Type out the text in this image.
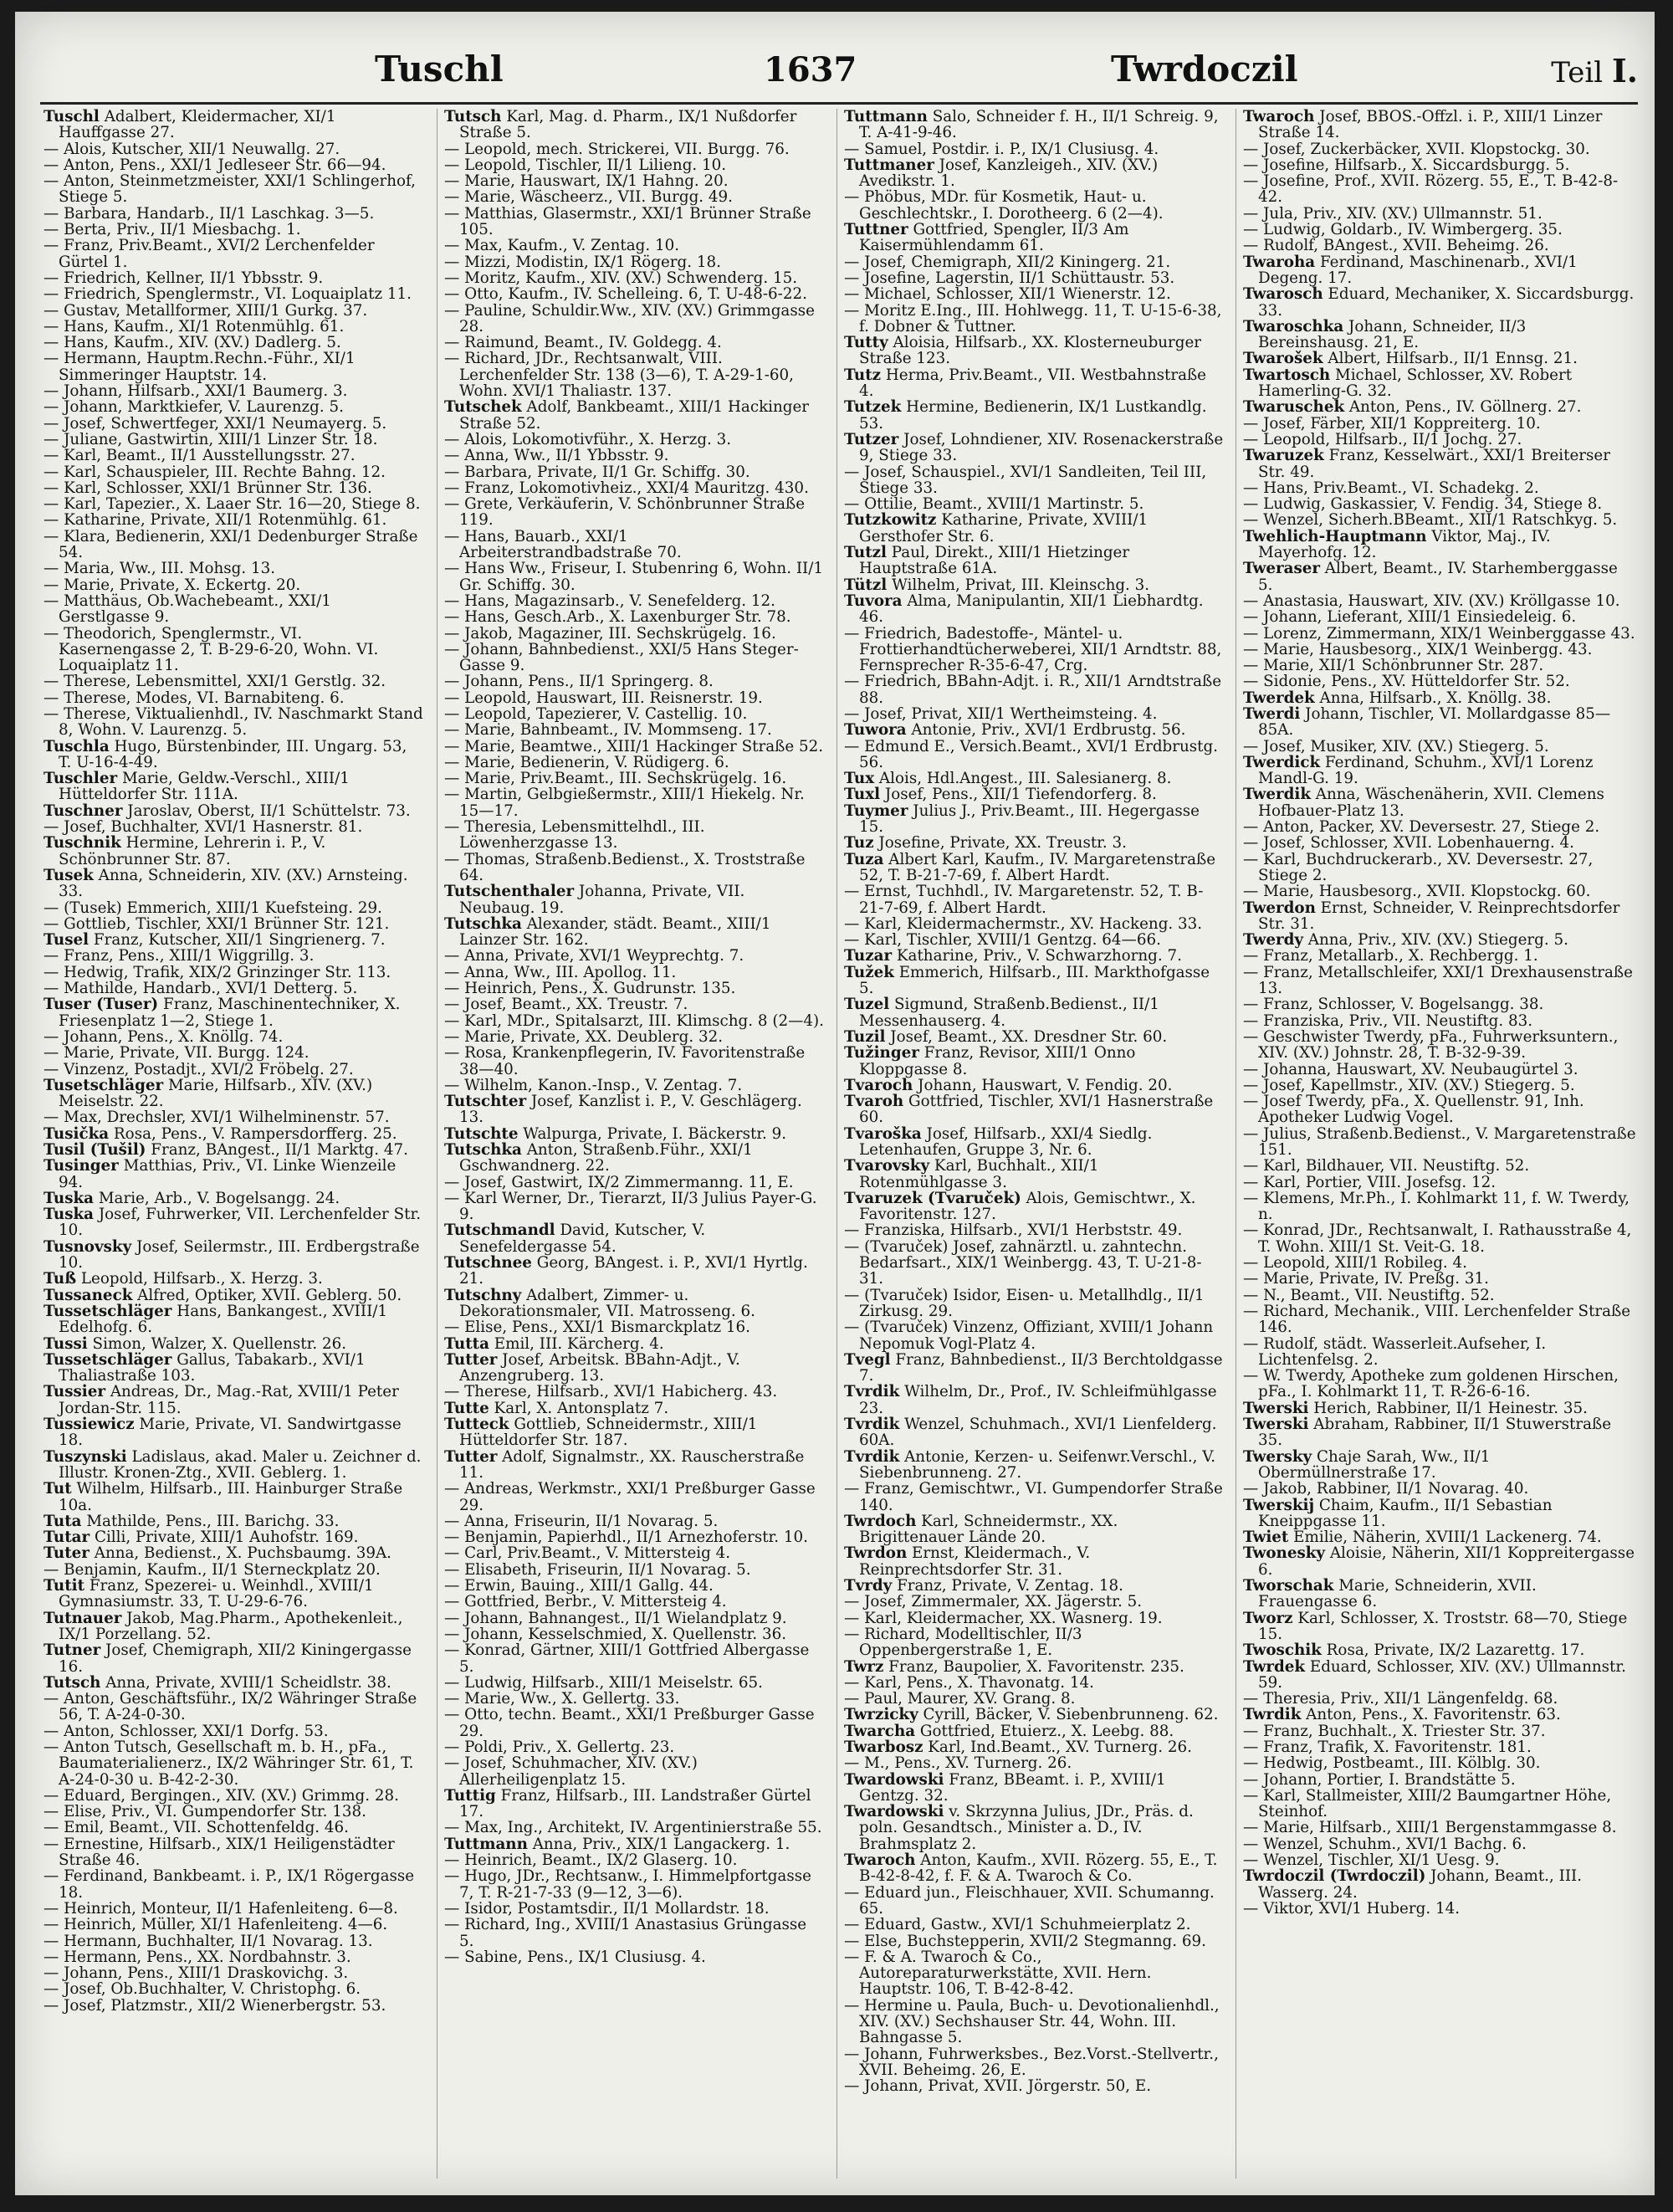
Tuschl	1637	Twrdoczil	Teil I.

Tuschl Adalbert, Kleidermacher, XI/1 Hauffgasse 27.

— Alois, Kutscher, XII/1 Neuwallg. 27.

— Anton, Pens., XXI/1 Jedleseer Str. 66—94.

— Anton, Steinmetzmeister, XXI/1 Schlingerhof, Stiege 5.

— Barbara, Handarb., II/1 Laschkag. 3—5.

— Berta, Priv., II/1 Miesbachg. 1.

— Franz, Priv.Beamt., XVI/2 Lerchenfelder Gürtel 1.

— Friedrich, Kellner, II/1 Ybbsstr. 9.

— Friedrich, Spenglermstr., VI. Loquaiplatz 11.

— Gustav, Metallformer, XIII/1 Gurkg. 37.

— Hans, Kaufm., XI/1 Rotenmühlg. 61.

— Hans, Kaufm., XIV. (XV.) Dadlerg. 5.

— Hermann, Hauptm.Rechn.-Führ., XI/1 Simmeringer Hauptstr. 14.

— Johann, Hilfsarb., XXI/1 Baumerg. 3.

— Johann, Marktkiefer, V. Laurenzg. 5.

— Josef, Schwertfeger, XXI/1 Neumayerg. 5.

— Juliane, Gastwirtin, XIII/1 Linzer Str. 18.

— Karl, Beamt., II/1 Ausstellungsstr. 27.

— Karl, Schauspieler, III. Rechte Bahng. 12.

— Karl, Schlosser, XXI/1 Brünner Str. 136.

— Karl, Tapezier., X. Laaer Str. 16—20, Stiege 8.

— Katharine, Private, XII/1 Rotenmühlg. 61.

— Klara, Bedienerin, XXI/1 Dedenburger Straße 54.

— Maria, Ww., III. Mohsg. 13.

— Marie, Private, X. Eckertg. 20.

— Matthäus, Ob.Wachebeamt., XXI/1 Gerstlgasse 9.

— Theodorich, Spenglermstr., VI. Kasernengasse 2, T. B-29-6-20, Wohn. VI. Loquaiplatz 11.

— Therese, Lebensmittel, XXI/1 Gerstlg. 32.

— Therese, Modes, VI. Barnabiteng. 6.

— Therese, Viktualienhdl., IV. Naschmarkt Stand 8, Wohn. V. Laurenzg. 5.

Tuschla Hugo, Bürstenbinder, III. Ungarg. 53, T. U-16-4-49.

Tuschler Marie, Geldw.-Verschl., XIII/1 Hütteldorfer Str. 111A.

Tuschner Jaroslav, Oberst, II/1 Schüttelstr. 73.

— Josef, Buchhalter, XVI/1 Hasnerstr. 81.

Tuschnik Hermine, Lehrerin i. P., V. Schönbrunner Str. 87.

Tusek Anna, Schneiderin, XIV. (XV.) Arnsteing. 33.

— (Tusek) Emmerich, XIII/1 Kuefsteing. 29.

— Gottlieb, Tischler, XXI/1 Brünner Str. 121.

Tusel Franz, Kutscher, XII/1 Singrienerg. 7.

— Franz, Pens., XIII/1 Wiggrillg. 3.

— Hedwig, Trafik, XIX/2 Grinzinger Str. 113.

— Mathilde, Handarb., XVI/1 Detterg. 5.

Tuser (Tuser) Franz, Maschinentechniker, X. Friesenplatz 1—2, Stiege 1.

— Johann, Pens., X. Knöllg. 74.

— Marie, Private, VII. Burgg. 124.

— Vinzenz, Postadjt., XVI/2 Fröbelg. 27.

Tusetschläger Marie, Hilfsarb., XIV. (XV.) Meiselstr. 22.

— Max, Drechsler, XVI/1 Wilhelminenstr. 57.

Tusička Rosa, Pens., V. Rampersdorfferg. 25.

Tusil (Tušil) Franz, BAngest., II/1 Marktg. 47.

Tusinger Matthias, Priv., VI. Linke Wienzeile 94.

Tuska Marie, Arb., V. Bogelsangg. 24.

Tuska Josef, Fuhrwerker, VII. Lerchenfelder Str. 10.

Tusnovsky Josef, Seilermstr., III. Erdbergstraße 10.

Tuß Leopold, Hilfsarb., X. Herzg. 3.

Tussaneck Alfred, Optiker, XVII. Geblerg. 50.

Tussetschläger Hans, Bankangest., XVIII/1 Edelhofg. 6.

Tussi Simon, Walzer, X. Quellenstr. 26.

Tussetschläger Gallus, Tabakarb., XVI/1 Thaliastraße 103.

Tussier Andreas, Dr., Mag.-Rat, XVIII/1 Peter Jordan-Str. 115.

Tussiewicz Marie, Private, VI. Sandwirtgasse 18.

Tuszynski Ladislaus, akad. Maler u. Zeichner d. Illustr. Kronen-Ztg., XVII. Geblerg. 1.

Tut Wilhelm, Hilfsarb., III. Hainburger Straße 10a.

Tuta Mathilde, Pens., III. Barichg. 33.

Tutar Cilli, Private, XIII/1 Auhofstr. 169.

Tuter Anna, Bedienst., X. Puchsbaumg. 39A.

— Benjamin, Kaufm., II/1 Sterneckplatz 20.

Tutit Franz, Spezerei- u. Weinhdl., XVIII/1 Gymnasiumstr. 33, T. U-29-6-76.

Tutnauer Jakob, Mag.Pharm., Apothekenleit., IX/1 Porzellang. 52.

Tutner Josef, Chemigraph, XII/2 Kiningergasse 16.

Tutsch Anna, Private, XVIII/1 Scheidlstr. 38.

— Anton, Geschäftsführ., IX/2 Währinger Straße 56, T. A-24-0-30.

— Anton, Schlosser, XXI/1 Dorfg. 53.

— Anton Tutsch, Gesellschaft m. b. H., pFa., Baumaterialienerz., IX/2 Währinger Str. 61, T. A-24-0-30 u. B-42-2-30.

— Eduard, Bergingen., XIV. (XV.) Grimmg. 28.

— Elise, Priv., VI. Gumpendorfer Str. 138.

— Emil, Beamt., VII. Schottenfeldg. 46.

— Ernestine, Hilfsarb., XIX/1 Heiligenstädter Straße 46.

— Ferdinand, Bankbeamt. i. P., IX/1 Rögergasse 18.

— Heinrich, Monteur, II/1 Hafenleiteng. 6—8.

— Heinrich, Müller, XI/1 Hafenleiteng. 4—6.

— Hermann, Buchhalter, II/1 Novarag. 13.

— Hermann, Pens., XX. Nordbahnstr. 3.

— Johann, Pens., XIII/1 Draskovichg. 3.

— Josef, Ob.Buchhalter, V. Christophg. 6.

— Josef, Platzmstr., XII/2 Wienerbergstr. 53.

Tutsch Karl, Mag. d. Pharm., IX/1 Nußdorfer Straße 5.

— Leopold, mech. Strickerei, VII. Burgg. 76.

— Leopold, Tischler, II/1 Lilieng. 10.

— Marie, Hauswart, IX/1 Hahng. 20.

— Marie, Wäscheerz., VII. Burgg. 49.

— Matthias, Glasermstr., XXI/1 Brünner Straße 105.

— Max, Kaufm., V. Zentag. 10.

— Mizzi, Modistin, IX/1 Rögerg. 18.

— Moritz, Kaufm., XIV. (XV.) Schwenderg. 15.

— Otto, Kaufm., IV. Schelleing. 6, T. U-48-6-22.

— Pauline, Schuldir.Ww., XIV. (XV.) Grimmgasse 28.

— Raimund, Beamt., IV. Goldegg. 4.

— Richard, JDr., Rechtsanwalt, VIII. Lerchenfelder Str. 138 (3—6), T. A-29-1-60, Wohn. XVI/1 Thaliastr. 137.

Tutschek Adolf, Bankbeamt., XIII/1 Hackinger Straße 52.

— Alois, Lokomotivführ., X. Herzg. 3.

— Anna, Ww., II/1 Ybbsstr. 9.

— Barbara, Private, II/1 Gr. Schiffg. 30.

— Franz, Lokomotivheiz., XXI/4 Mauritzg. 430.

— Grete, Verkäuferin, V. Schönbrunner Straße 119.

— Hans, Bauarb., XXI/1 Arbeiterstrandbadstraße 70.

— Hans Ww., Friseur, I. Stubenring 6, Wohn. II/1 Gr. Schiffg. 30.

— Hans, Magazinsarb., V. Senefelderg. 12.

— Hans, Gesch.Arb., X. Laxenburger Str. 78.

— Jakob, Magaziner, III. Sechskrügelg. 16.

— Johann, Bahnbedienst., XXI/5 Hans Steger-Gasse 9.

— Johann, Pens., II/1 Springerg. 8.

— Leopold, Hauswart, III. Reisnerstr. 19.

— Leopold, Tapezierer, V. Castellig. 10.

— Marie, Bahnbeamt., IV. Mommseng. 17.

— Marie, Beamtwe., XIII/1 Hackinger Straße 52.

— Marie, Bedienerin, V. Rüdigerg. 6.

— Marie, Priv.Beamt., III. Sechskrügelg. 16.

— Martin, Gelbgießermstr., XIII/1 Hiekelg. Nr. 15—17.

— Theresia, Lebensmittelhdl., III. Löwenherzgasse 13.

— Thomas, Straßenb.Bedienst., X. Troststraße 64.

Tutschenthaler Johanna, Private, VII. Neubaug. 19.

Tutschka Alexander, städt. Beamt., XIII/1 Lainzer Str. 162.

— Anna, Private, XVI/1 Weyprechtg. 7.

— Anna, Ww., III. Apollog. 11.

— Heinrich, Pens., X. Gudrunstr. 135.

— Josef, Beamt., XX. Treustr. 7.

— Karl, MDr., Spitalsarzt, III. Klimschg. 8 (2—4).

— Marie, Private, XX. Deublerg. 32.

— Rosa, Krankenpflegerin, IV. Favoritenstraße 38—40.

— Wilhelm, Kanon.-Insp., V. Zentag. 7.

Tutschter Josef, Kanzlist i. P., V. Geschlägerg. 13.

Tutschte Walpurga, Private, I. Bäckerstr. 9.

Tutschka Anton, Straßenb.Führ., XXI/1 Gschwandnerg. 22.

— Josef, Gastwirt, IX/2 Zimmermanng. 11, E.

— Karl Werner, Dr., Tierarzt, II/3 Julius Payer-G. 9.

Tutschmandl David, Kutscher, V. Senefeldergasse 54.

Tutschnee Georg, BAngest. i. P., XVI/1 Hyrtlg. 21.

Tutschny Adalbert, Zimmer- u. Dekorationsmaler, VII. Matrosseng. 6.

— Elise, Pens., XXI/1 Bismarckplatz 16.

Tutta Emil, III. Kärcherg. 4.

Tutter Josef, Arbeitsk. BBahn-Adjt., V. Anzengruberg. 13.

— Therese, Hilfsarb., XVI/1 Habicherg. 43.

Tutte Karl, X. Antonsplatz 7.

Tutteck Gottlieb, Schneidermstr., XIII/1 Hütteldorfer Str. 187.

Tutter Adolf, Signalmstr., XX. Rauscherstraße 11.

— Andreas, Werkmstr., XXI/1 Preßburger Gasse 29.

— Anna, Friseurin, II/1 Novarag. 5.

— Benjamin, Papierhdl., II/1 Arnezhoferstr. 10.

— Carl, Priv.Beamt., V. Mittersteig 4.

— Elisabeth, Friseurin, II/1 Novarag. 5.

— Erwin, Bauing., XIII/1 Gallg. 44.

— Gottfried, Berbr., V. Mittersteig 4.

— Johann, Bahnangest., II/1 Wielandplatz 9.

— Johann, Kesselschmied, X. Quellenstr. 36.

— Konrad, Gärtner, XIII/1 Gottfried Albergasse 5.

— Ludwig, Hilfsarb., XIII/1 Meiselstr. 65.

— Marie, Ww., X. Gellertg. 33.

— Otto, techn. Beamt., XXI/1 Preßburger Gasse 29.

— Poldi, Priv., X. Gellertg. 23.

— Josef, Schuhmacher, XIV. (XV.) Allerheiligenplatz 15.

Tuttig Franz, Hilfsarb., III. Landstraßer Gürtel 17.

— Max, Ing., Architekt, IV. Argentinierstraße 55.

Tuttmann Anna, Priv., XIX/1 Langackerg. 1.

— Heinrich, Beamt., IX/2 Glaserg. 10.

— Hugo, JDr., Rechtsanw., I. Himmelpfortgasse 7, T. R-21-7-33 (9—12, 3—6).

— Isidor, Postamtsdir., II/1 Mollardstr. 18.

— Richard, Ing., XVIII/1 Anastasius Grüngasse 5.

— Sabine, Pens., IX/1 Clusiusg. 4.

Tuttmann Salo, Schneider f. H., II/1 Schreig. 9, T. A-41-9-46.

— Samuel, Postdir. i. P., IX/1 Clusiusg. 4.

Tuttmaner Josef, Kanzleigeh., XIV. (XV.) Avedikstr. 1.

— Phöbus, MDr. für Kosmetik, Haut- u. Geschlechtskr., I. Dorotheerg. 6 (2—4).

Tuttner Gottfried, Spengler, II/3 Am Kaisermühlendamm 61.

— Josef, Chemigraph, XII/2 Kiningerg. 21.

— Josefine, Lagerstin, II/1 Schüttaustr. 53.

— Michael, Schlosser, XII/1 Wienerstr. 12.

— Moritz E.Ing., III. Hohlwegg. 11, T. U-15-6-38, f. Dobner & Tuttner.

Tutty Aloisia, Hilfsarb., XX. Klosterneuburger Straße 123.

Tutz Herma, Priv.Beamt., VII. Westbahnstraße 4.

Tutzek Hermine, Bedienerin, IX/1 Lustkandlg. 53.

Tutzer Josef, Lohndiener, XIV. Rosenackerstraße 9, Stiege 33.

— Josef, Schauspiel., XVI/1 Sandleiten, Teil III, Stiege 33.

— Ottilie, Beamt., XVIII/1 Martinstr. 5.

Tutzkowitz Katharine, Private, XVIII/1 Gersthofer Str. 6.

Tutzl Paul, Direkt., XIII/1 Hietzinger Hauptstraße 61A.

Tützl Wilhelm, Privat, III. Kleinschg. 3.

Tuvora Alma, Manipulantin, XII/1 Liebhardtg. 46.

— Friedrich, Badestoffe-, Mäntel- u. Frottierhandtücherweberei, XII/1 Arndtstr. 88, Fernsprecher R-35-6-47, Crg.

— Friedrich, BBahn-Adjt. i. R., XII/1 Arndtstraße 88.

— Josef, Privat, XII/1 Wertheimsteing. 4.

Tuwora Antonie, Priv., XVI/1 Erdbrustg. 56.

— Edmund E., Versich.Beamt., XVI/1 Erdbrustg. 56.

Tux Alois, Hdl.Angest., III. Salesianerg. 8.

Tuxl Josef, Pens., XII/1 Tiefendorferg. 8.

Tuymer Julius J., Priv.Beamt., III. Hegergasse 15.

Tuz Josefine, Private, XX. Treustr. 3.

Tuza Albert Karl, Kaufm., IV. Margaretenstraße 52, T. B-21-7-69, f. Albert Hardt.

— Ernst, Tuchhdl., IV. Margaretenstr. 52, T. B-21-7-69, f. Albert Hardt.

— Karl, Kleidermachermstr., XV. Hackeng. 33.

— Karl, Tischler, XVIII/1 Gentzg. 64—66.

Tuzar Katharine, Priv., V. Schwarzhorng. 7.

Tužek Emmerich, Hilfsarb., III. Markthofgasse 5.

Tuzel Sigmund, Straßenb.Bedienst., II/1 Messenhauserg. 4.

Tuzil Josef, Beamt., XX. Dresdner Str. 60.

Tužinger Franz, Revisor, XIII/1 Onno Kloppgasse 8.

Tvaroch Johann, Hauswart, V. Fendig. 20.

Tvaroh Gottfried, Tischler, XVI/1 Hasnerstraße 60.

Tvaroška Josef, Hilfsarb., XXI/4 Siedlg. Letenhaufen, Gruppe 3, Nr. 6.

Tvarovsky Karl, Buchhalt., XII/1 Rotenmühlgasse 3.

Tvaruzek (Tvaruček) Alois, Gemischtwr., X. Favoritenstr. 127.

— Franziska, Hilfsarb., XVI/1 Herbststr. 49.

— (Tvaruček) Josef, zahnärztl. u. zahntechn. Bedarfsart., XIX/1 Weinbergg. 43, T. U-21-8-31.

— (Tvaruček) Isidor, Eisen- u. Metallhdlg., II/1 Zirkusg. 29.

— (Tvaruček) Vinzenz, Offiziant, XVIII/1 Johann Nepomuk Vogl-Platz 4.

Tvegl Franz, Bahnbedienst., II/3 Berchtoldgasse 7.

Tvrdik Wilhelm, Dr., Prof., IV. Schleifmühlgasse 23.

Tvrdik Wenzel, Schuhmach., XVI/1 Lienfelderg. 60A.

Tvrdik Antonie, Kerzen- u. Seifenwr.Verschl., V. Siebenbrunneng. 27.

— Franz, Gemischtwr., VI. Gumpendorfer Straße 140.

Twrdoch Karl, Schneidermstr., XX. Brigittenauer Lände 20.

Twrdon Ernst, Kleidermach., V. Reinprechtsdorfer Str. 31.

Tvrdy Franz, Private, V. Zentag. 18.

— Josef, Zimmermaler, XX. Jägerstr. 5.

— Karl, Kleidermacher, XX. Wasnerg. 19.

— Richard, Modelltischler, II/3 Oppenbergerstraße 1, E.

Twrz Franz, Baupolier, X. Favoritenstr. 235.

— Karl, Pens., X. Thavonatg. 14.

— Paul, Maurer, XV. Grang. 8.

Twrzicky Cyrill, Bäcker, V. Siebenbrunneng. 62.

Twarcha Gottfried, Etuierz., X. Leebg. 88.

Twarbosz Karl, Ind.Beamt., XV. Turnerg. 26.

— M., Pens., XV. Turnerg. 26.

Twardowski Franz, BBeamt. i. P., XVIII/1 Gentzg. 32.

Twardowski v. Skrzynna Julius, JDr., Präs. d. poln. Gesandtsch., Minister a. D., IV. Brahmsplatz 2.

Twaroch Anton, Kaufm., XVII. Rözerg. 55, E., T. B-42-8-42, f. F. & A. Twaroch & Co.

— Eduard jun., Fleischhauer, XVII. Schumanng. 65.

— Eduard, Gastw., XVI/1 Schuhmeierplatz 2.

— Else, Buchstepperin, XVII/2 Stegmanng. 69.

— F. & A. Twaroch & Co., Autoreparaturwerkstätte, XVII. Hern. Hauptstr. 106, T. B-42-8-42.

— Hermine u. Paula, Buch- u. Devotionalienhdl., XIV. (XV.) Sechshauser Str. 44, Wohn. III. Bahngasse 5.

— Johann, Fuhrwerksbes., Bez.Vorst.-Stellvertr., XVII. Beheimg. 26, E.

— Johann, Privat, XVII. Jörgerstr. 50, E.

Twaroch Josef, BBOS.-Offzl. i. P., XIII/1 Linzer Straße 14.

— Josef, Zuckerbäcker, XVII. Klopstockg. 30.

— Josefine, Hilfsarb., X. Siccardsburgg. 5.

— Josefine, Prof., XVII. Rözerg. 55, E., T. B-42-8-42.

— Jula, Priv., XIV. (XV.) Ullmannstr. 51.

— Ludwig, Goldarb., IV. Wimbergerg. 35.

— Rudolf, BAngest., XVII. Beheimg. 26.

Twaroha Ferdinand, Maschinenarb., XVI/1 Degeng. 17.

Twarosch Eduard, Mechaniker, X. Siccardsburgg. 33.

Twaroschka Johann, Schneider, II/3 Bereinshausg. 21, E.

Twarošek Albert, Hilfsarb., II/1 Ennsg. 21.

Twartosch Michael, Schlosser, XV. Robert Hamerling-G. 32.

Twaruschek Anton, Pens., IV. Göllnerg. 27.

— Josef, Färber, XII/1 Koppreiterg. 10.

— Leopold, Hilfsarb., II/1 Jochg. 27.

Twaruzek Franz, Kesselwärt., XXI/1 Breiterser Str. 49.

— Hans, Priv.Beamt., VI. Schadekg. 2.

— Ludwig, Gaskassier, V. Fendig. 34, Stiege 8.

— Wenzel, Sicherh.BBeamt., XII/1 Ratschkyg. 5.

Twehlich-Hauptmann Viktor, Maj., IV. Mayerhofg. 12.

Tweraser Albert, Beamt., IV. Starhemberggasse 5.

— Anastasia, Hauswart, XIV. (XV.) Kröllgasse 10.

— Johann, Lieferant, XIII/1 Einsiedeleig. 6.

— Lorenz, Zimmermann, XIX/1 Weinberggasse 43.

— Marie, Hausbesorg., XIX/1 Weinbergg. 43.

— Marie, XII/1 Schönbrunner Str. 287.

— Sidonie, Pens., XV. Hütteldorfer Str. 52.

Twerdek Anna, Hilfsarb., X. Knöllg. 38.

Twerdi Johann, Tischler, VI. Mollardgasse 85—85A.

— Josef, Musiker, XIV. (XV.) Stiegerg. 5.

Twerdick Ferdinand, Schuhm., XVI/1 Lorenz Mandl-G. 19.

Twerdik Anna, Wäschenäherin, XVII. Clemens Hofbauer-Platz 13.

— Anton, Packer, XV. Deversestr. 27, Stiege 2.

— Josef, Schlosser, XVII. Lobenhauerng. 4.

— Karl, Buchdruckerarb., XV. Deversestr. 27, Stiege 2.

— Marie, Hausbesorg., XVII. Klopstockg. 60.

Twerdon Ernst, Schneider, V. Reinprechtsdorfer Str. 31.

Twerdy Anna, Priv., XIV. (XV.) Stiegerg. 5.

— Franz, Metallarb., X. Rechbergg. 1.

— Franz, Metallschleifer, XXI/1 Drexhausenstraße 13.

— Franz, Schlosser, V. Bogelsangg. 38.

— Franziska, Priv., VII. Neustiftg. 83.

— Geschwister Twerdy, pFa., Fuhrwerksuntern., XIV. (XV.) Johnstr. 28, T. B-32-9-39.

— Johanna, Hauswart, XV. Neubaugürtel 3.

— Josef, Kapellmstr., XIV. (XV.) Stiegerg. 5.

— Josef Twerdy, pFa., X. Quellenstr. 91, Inh. Apotheker Ludwig Vogel.

— Julius, Straßenb.Bedienst., V. Margaretenstraße 151.

— Karl, Bildhauer, VII. Neustiftg. 52.

— Karl, Portier, VIII. Josefsg. 12.

— Klemens, Mr.Ph., I. Kohlmarkt 11, f. W. Twerdy, n.

— Konrad, JDr., Rechtsanwalt, I. Rathausstraße 4, T. Wohn. XIII/1 St. Veit-G. 18.

— Leopold, XIII/1 Robileg. 4.

— Marie, Private, IV. Preßg. 31.

— N., Beamt., VII. Neustiftg. 52.

— Richard, Mechanik., VIII. Lerchenfelder Straße 146.

— Rudolf, städt. Wasserleit.Aufseher, I. Lichtenfelsg. 2.

— W. Twerdy, Apotheke zum goldenen Hirschen, pFa., I. Kohlmarkt 11, T. R-26-6-16.

Twerski Herich, Rabbiner, II/1 Heinestr. 35.

Twerski Abraham, Rabbiner, II/1 Stuwerstraße 35.

Twersky Chaje Sarah, Ww., II/1 Obermüllnerstraße 17.

— Jakob, Rabbiner, II/1 Novarag. 40.

Twerskij Chaim, Kaufm., II/1 Sebastian Kneippgasse 11.

Twiet Emilie, Näherin, XVIII/1 Lackenerg. 74.

Twonesky Aloisie, Näherin, XII/1 Koppreitergasse 6.

Tworschak Marie, Schneiderin, XVII. Frauengasse 6.

Tworz Karl, Schlosser, X. Troststr. 68—70, Stiege 15.

Twoschik Rosa, Private, IX/2 Lazarettg. 17.

Twrdek Eduard, Schlosser, XIV. (XV.) Ullmannstr. 59.

— Theresia, Priv., XII/1 Längenfeldg. 68.

Twrdik Anton, Pens., X. Favoritenstr. 63.

— Franz, Buchhalt., X. Triester Str. 37.

— Franz, Trafik, X. Favoritenstr. 181.

— Hedwig, Postbeamt., III. Kölblg. 30.

— Johann, Portier, I. Brandstätte 5.

— Karl, Stallmeister, XIII/2 Baumgartner Höhe, Steinhof.

— Marie, Hilfsarb., XIII/1 Bergenstammgasse 8.

— Wenzel, Schuhm., XVI/1 Bachg. 6.

— Wenzel, Tischler, XI/1 Uesg. 9.

Twrdoczil (Twrdoczil) Johann, Beamt., III. Wasserg. 24.

— Viktor, XVI/1 Huberg. 14.
